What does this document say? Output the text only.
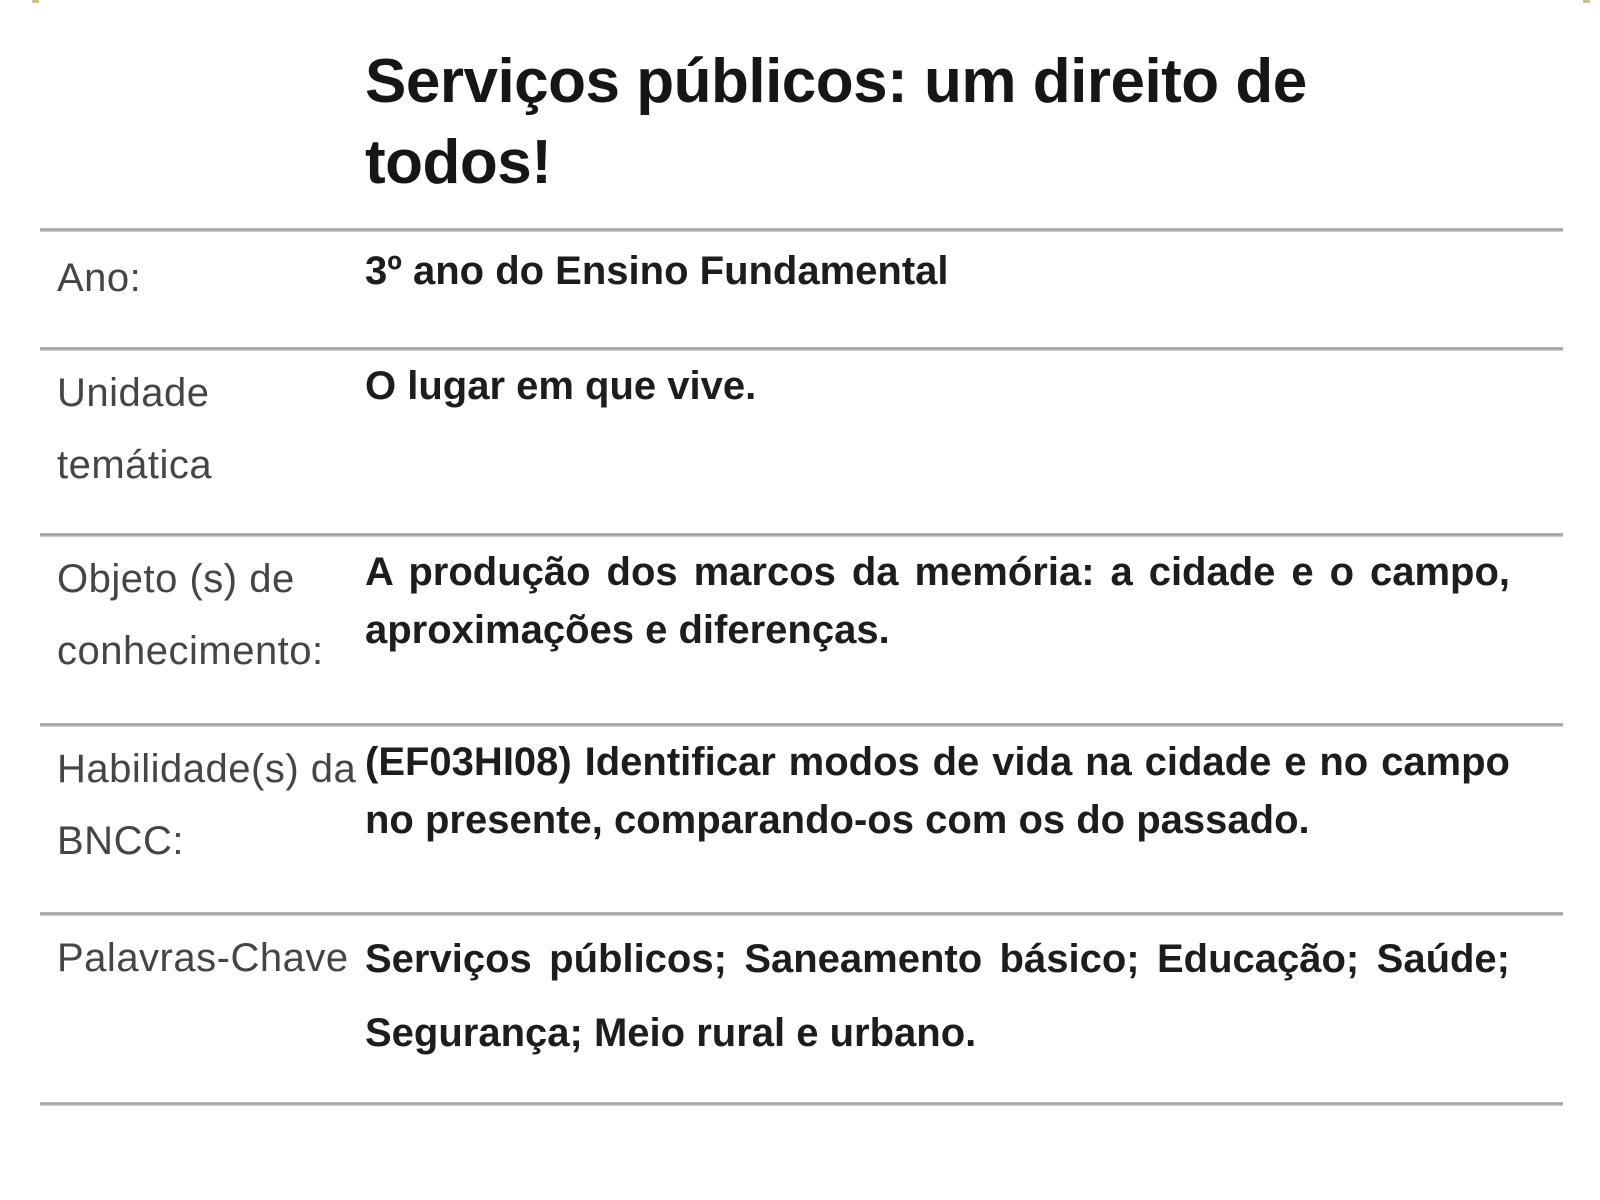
Serviços públicos: um direito de todos!
Ano:	3º ano do Ensino Fundamental
Unidade temática
O lugar em que vive.
Objeto (s) de conhecimento:
A produção dos marcos da memória: a cidade e o campo, aproximações e diferenças.
Habilidade(s) da BNCC:
(EF03HI08) Identificar modos de vida na cidade e no campo no presente, comparando-os com os do passado.
Palavras-Chave Serviços públicos; Saneamento básico; Educação; Saúde; Segurança; Meio rural e urbano.
